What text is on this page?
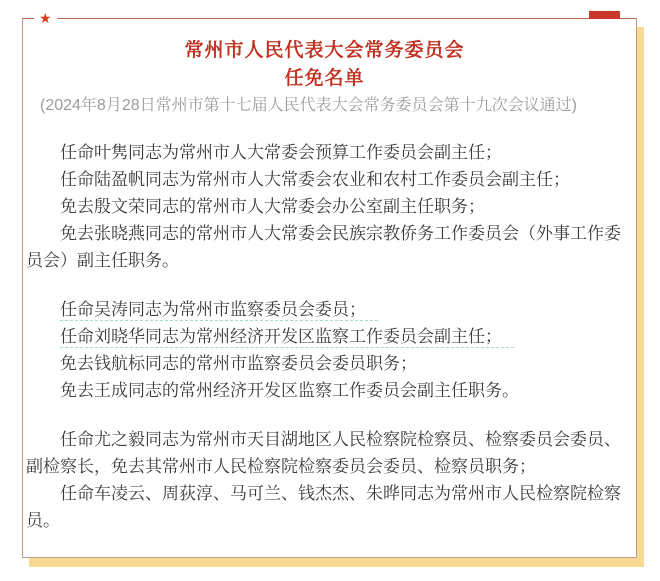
★
常州市人民代表大会常务委员会
任免名单

(2024年8月28日常州市第十七届人民代表大会常务委员会第十九次会议通过)

任命叶隽同志为常州市人大常委会预算工作委员会副主任；

任命陆盈帆同志为常州市人大常委会农业和农村工作委员会副主任；

免去殷文荣同志的常州市人大常委会办公室副主任职务；

免去张晓燕同志的常州市人大常委会民族宗教侨务工作委员会（外事工作委员会）副主任职务。

任命吴涛同志为常州市监察委员会委员；

任命刘晓华同志为常州经济开发区监察工作委员会副主任；

免去钱航标同志的常州市监察委员会委员职务；

免去王成同志的常州经济开发区监察工作委员会副主任职务。

任命尤之毅同志为常州市天目湖地区人民检察院检察员、检察委员会委员、副检察长，免去其常州市人民检察院检察委员会委员、检察员职务；

任命车凌云、周荻淳、马可兰、钱杰杰、朱晔同志为常州市人民检察院检察员。
